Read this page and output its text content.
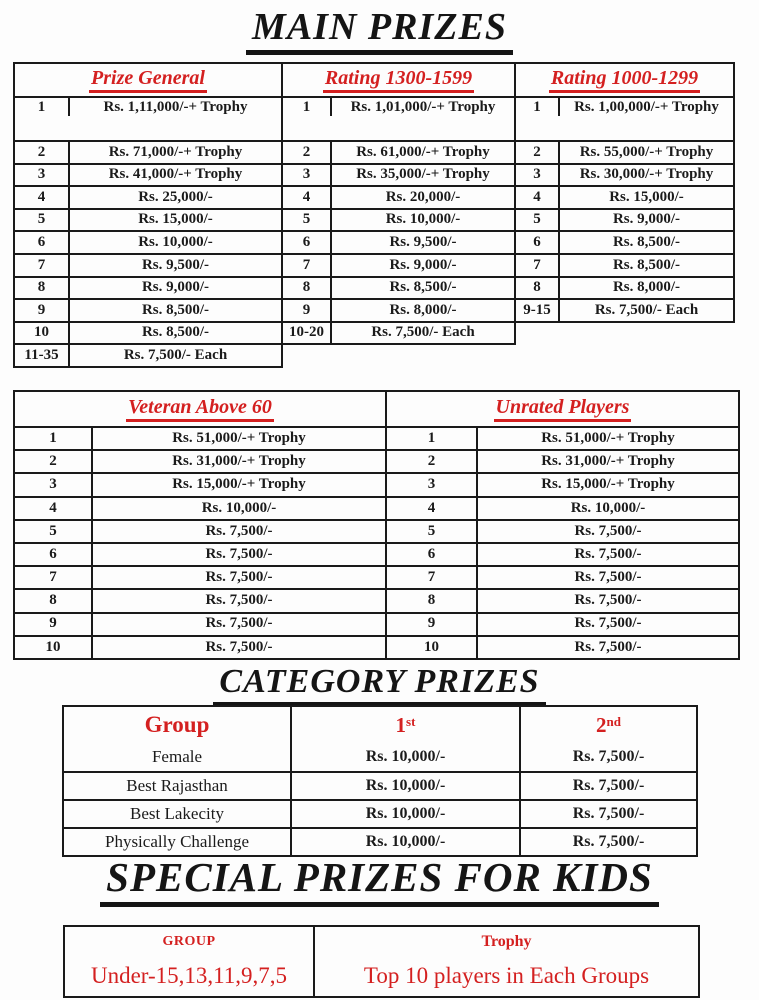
MAIN PRIZES
Prize General
1	Rs. 1,11,000/-+ Trophy
2	Rs. 71,000/-+ Trophy
3	Rs. 41,000/-+ Trophy
4	Rs. 25,000/-
5	Rs. 15,000/-
6	Rs. 10,000/-
7	Rs. 9,500/-
8	Rs. 9,000/-
9	Rs. 8,500/-
10	Rs. 8,500/-
11-35	Rs. 7,500/- Each
Rating 1300-1599
1	Rs. 1,01,000/-+ Trophy
2	Rs. 61,000/-+ Trophy
3	Rs. 35,000/-+ Trophy
4	Rs. 20,000/-
5	Rs. 10,000/-
6	Rs. 9,500/-
7	Rs. 9,000/-
8	Rs. 8,500/-
9	Rs. 8,000/-
10-20	Rs. 7,500/- Each
Rating 1000-1299
1	Rs. 1,00,000/-+ Trophy
2	Rs. 55,000/-+ Trophy
3	Rs. 30,000/-+ Trophy
4	Rs. 15,000/-
5	Rs. 9,000/-
6	Rs. 8,500/-
7	Rs. 8,500/-
8	Rs. 8,000/-
9-15	Rs. 7,500/- Each
Veteran Above 60
1	Rs. 51,000/-+ Trophy
2	Rs. 31,000/-+ Trophy
3	Rs. 15,000/-+ Trophy
4	Rs. 10,000/-
5	Rs. 7,500/-
6	Rs. 7,500/-
7	Rs. 7,500/-
8	Rs. 7,500/-
9	Rs. 7,500/-
10	Rs. 7,500/-
Unrated Players
1	Rs. 51,000/-+ Trophy
2	Rs. 31,000/-+ Trophy
3	Rs. 15,000/-+ Trophy
4	Rs. 10,000/-
5	Rs. 7,500/-
6	Rs. 7,500/-
7	Rs. 7,500/-
8	Rs. 7,500/-
9	Rs. 7,500/-
10	Rs. 7,500/-
CATEGORY PRIZES
Group	1 st	2 nd
Female	Rs. 10,000/-	Rs. 7,500/-
Best Rajasthan	Rs. 10,000/-	Rs. 7,500/-
Best Lakecity	Rs. 10,000/-	Rs. 7,500/-
Physically Challenge	Rs. 10,000/-	Rs. 7,500/-
SPECIAL PRIZES FOR KIDS
GROUP	Trophy
Under-15,13,11,9,7,5	Top 10 players in Each Groups
